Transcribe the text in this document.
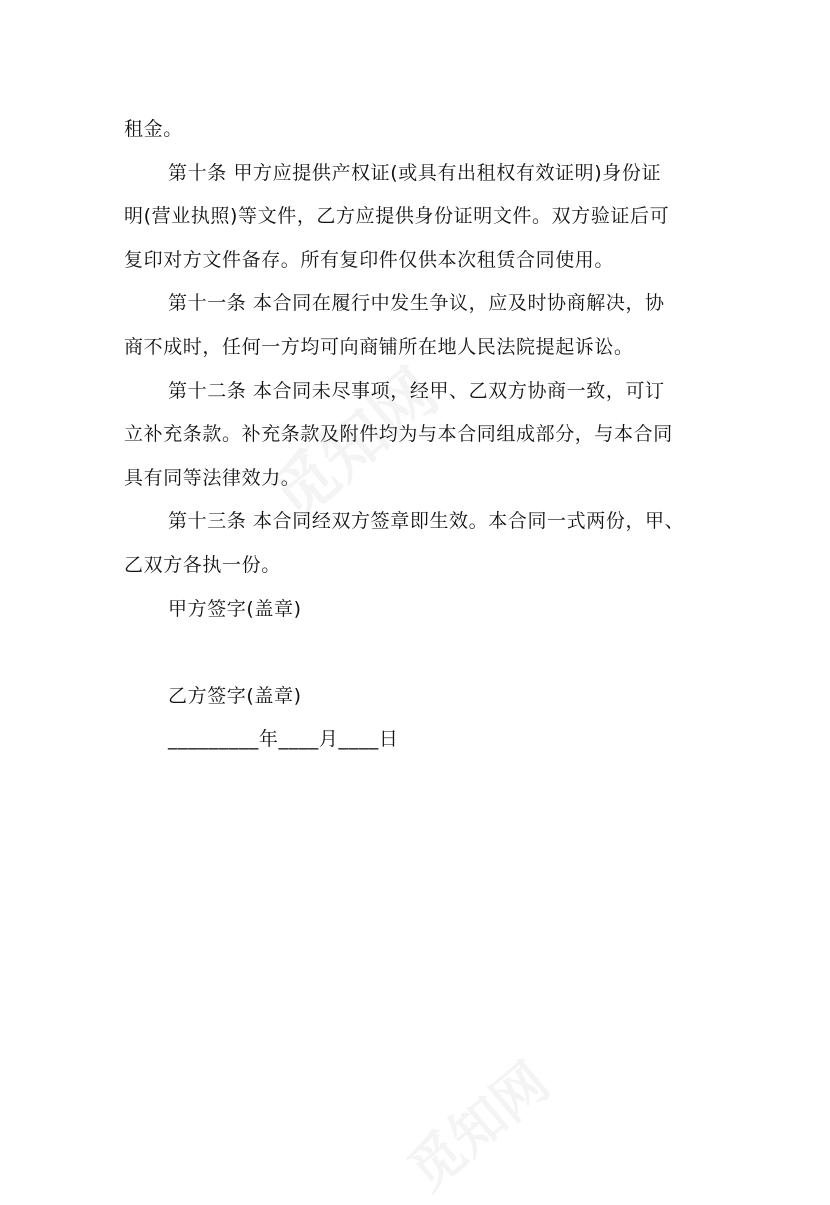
租金。
第十条 甲方应提供产权证(或具有出租权有效证明)身份证
明(营业执照)等文件，乙方应提供身份证明文件。双方验证后可
复印对方文件备存。所有复印件仅供本次租赁合同使用。
第十一条 本合同在履行中发生争议，应及时协商解决，协
商不成时，任何一方均可向商铺所在地人民法院提起诉讼。
第十二条 本合同未尽事项，经甲、乙双方协商一致，可订
立补充条款。补充条款及附件均为与本合同组成部分，与本合同
具有同等法律效力。
第十三条 本合同经双方签章即生效。本合同一式两份，甲、
乙双方各执一份。
甲方签字(盖章)
乙方签字(盖章)
_________年____月____日
